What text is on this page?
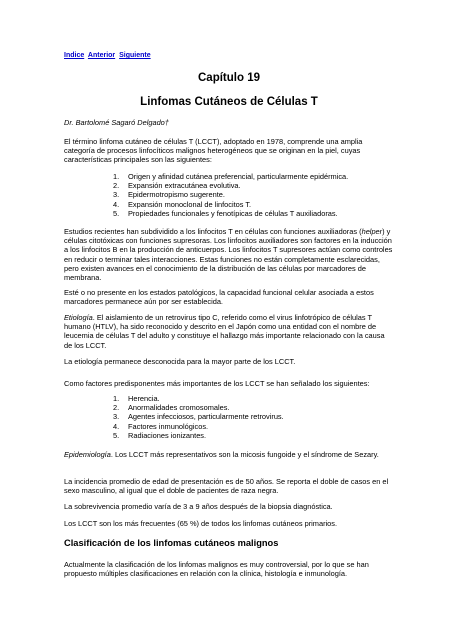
Indice Anterior Siguiente
Capítulo 19
Linfomas Cutáneos de Células T
Dr. Bartolomé Sagaró Delgado†

El término linfoma cutáneo de células T (LCCT), adoptado en 1978, comprende una amplia categoría de procesos linfocíticos malignos heterogéneos que se originan en la piel, cuyas características principales son las siguientes:

1. Origen y afinidad cutánea preferencial, particularmente epidérmica.
2. Expansión extracutánea evolutiva.
3. Epidermotropismo sugerente.
4. Expansión monoclonal de linfocitos T.
5. Propiedades funcionales y fenotípicas de células T auxiliadoras.

Estudios recientes han subdividido a los linfocitos T en células con funciones auxiliadoras (helper) y células citotóxicas con funciones supresoras. Los linfocitos auxiliadores son factores en la inducción a los linfocitos B en la producción de anticuerpos. Los linfocitos T supresores actúan como controles en reducir o terminar tales interacciones. Estas funciones no están completamente esclarecidas, pero existen avances en el conocimiento de la distribución de las células por marcadores de membrana.

Esté o no presente en los estados patológicos, la capacidad funcional celular asociada a estos marcadores permanece aún por ser establecida.

Etiología. El aislamiento de un retrovirus tipo C, referido como el virus linfotrópico de células T humano (HTLV), ha sido reconocido y descrito en el Japón como una entidad con el nombre de leucemia de células T del adulto y constituye el hallazgo más importante relacionado con la causa de los LCCT.

La etiología permanece desconocida para la mayor parte de los LCCT.

Como factores predisponentes más importantes de los LCCT se han señalado los siguientes:

1. Herencia.
2. Anormalidades cromosomales.
3. Agentes infecciosos, particularmente retrovirus.
4. Factores inmunológicos.
5. Radiaciones ionizantes.

Epidemiología. Los LCCT más representativos son la micosis fungoide y el síndrome de Sezary.

La incidencia promedio de edad de presentación es de 50 años. Se reporta el doble de casos en el sexo masculino, al igual que el doble de pacientes de raza negra.

La sobrevivencia promedio varía de 3 a 9 años después de la biopsia diagnóstica.

Los LCCT son los más frecuentes (65 %) de todos los linfomas cutáneos primarios.

Clasificación de los linfomas cutáneos malignos

Actualmente la clasificación de los linfomas malignos es muy controversial, por lo que se han propuesto múltiples clasificaciones en relación con la clínica, histología e inmunología.
